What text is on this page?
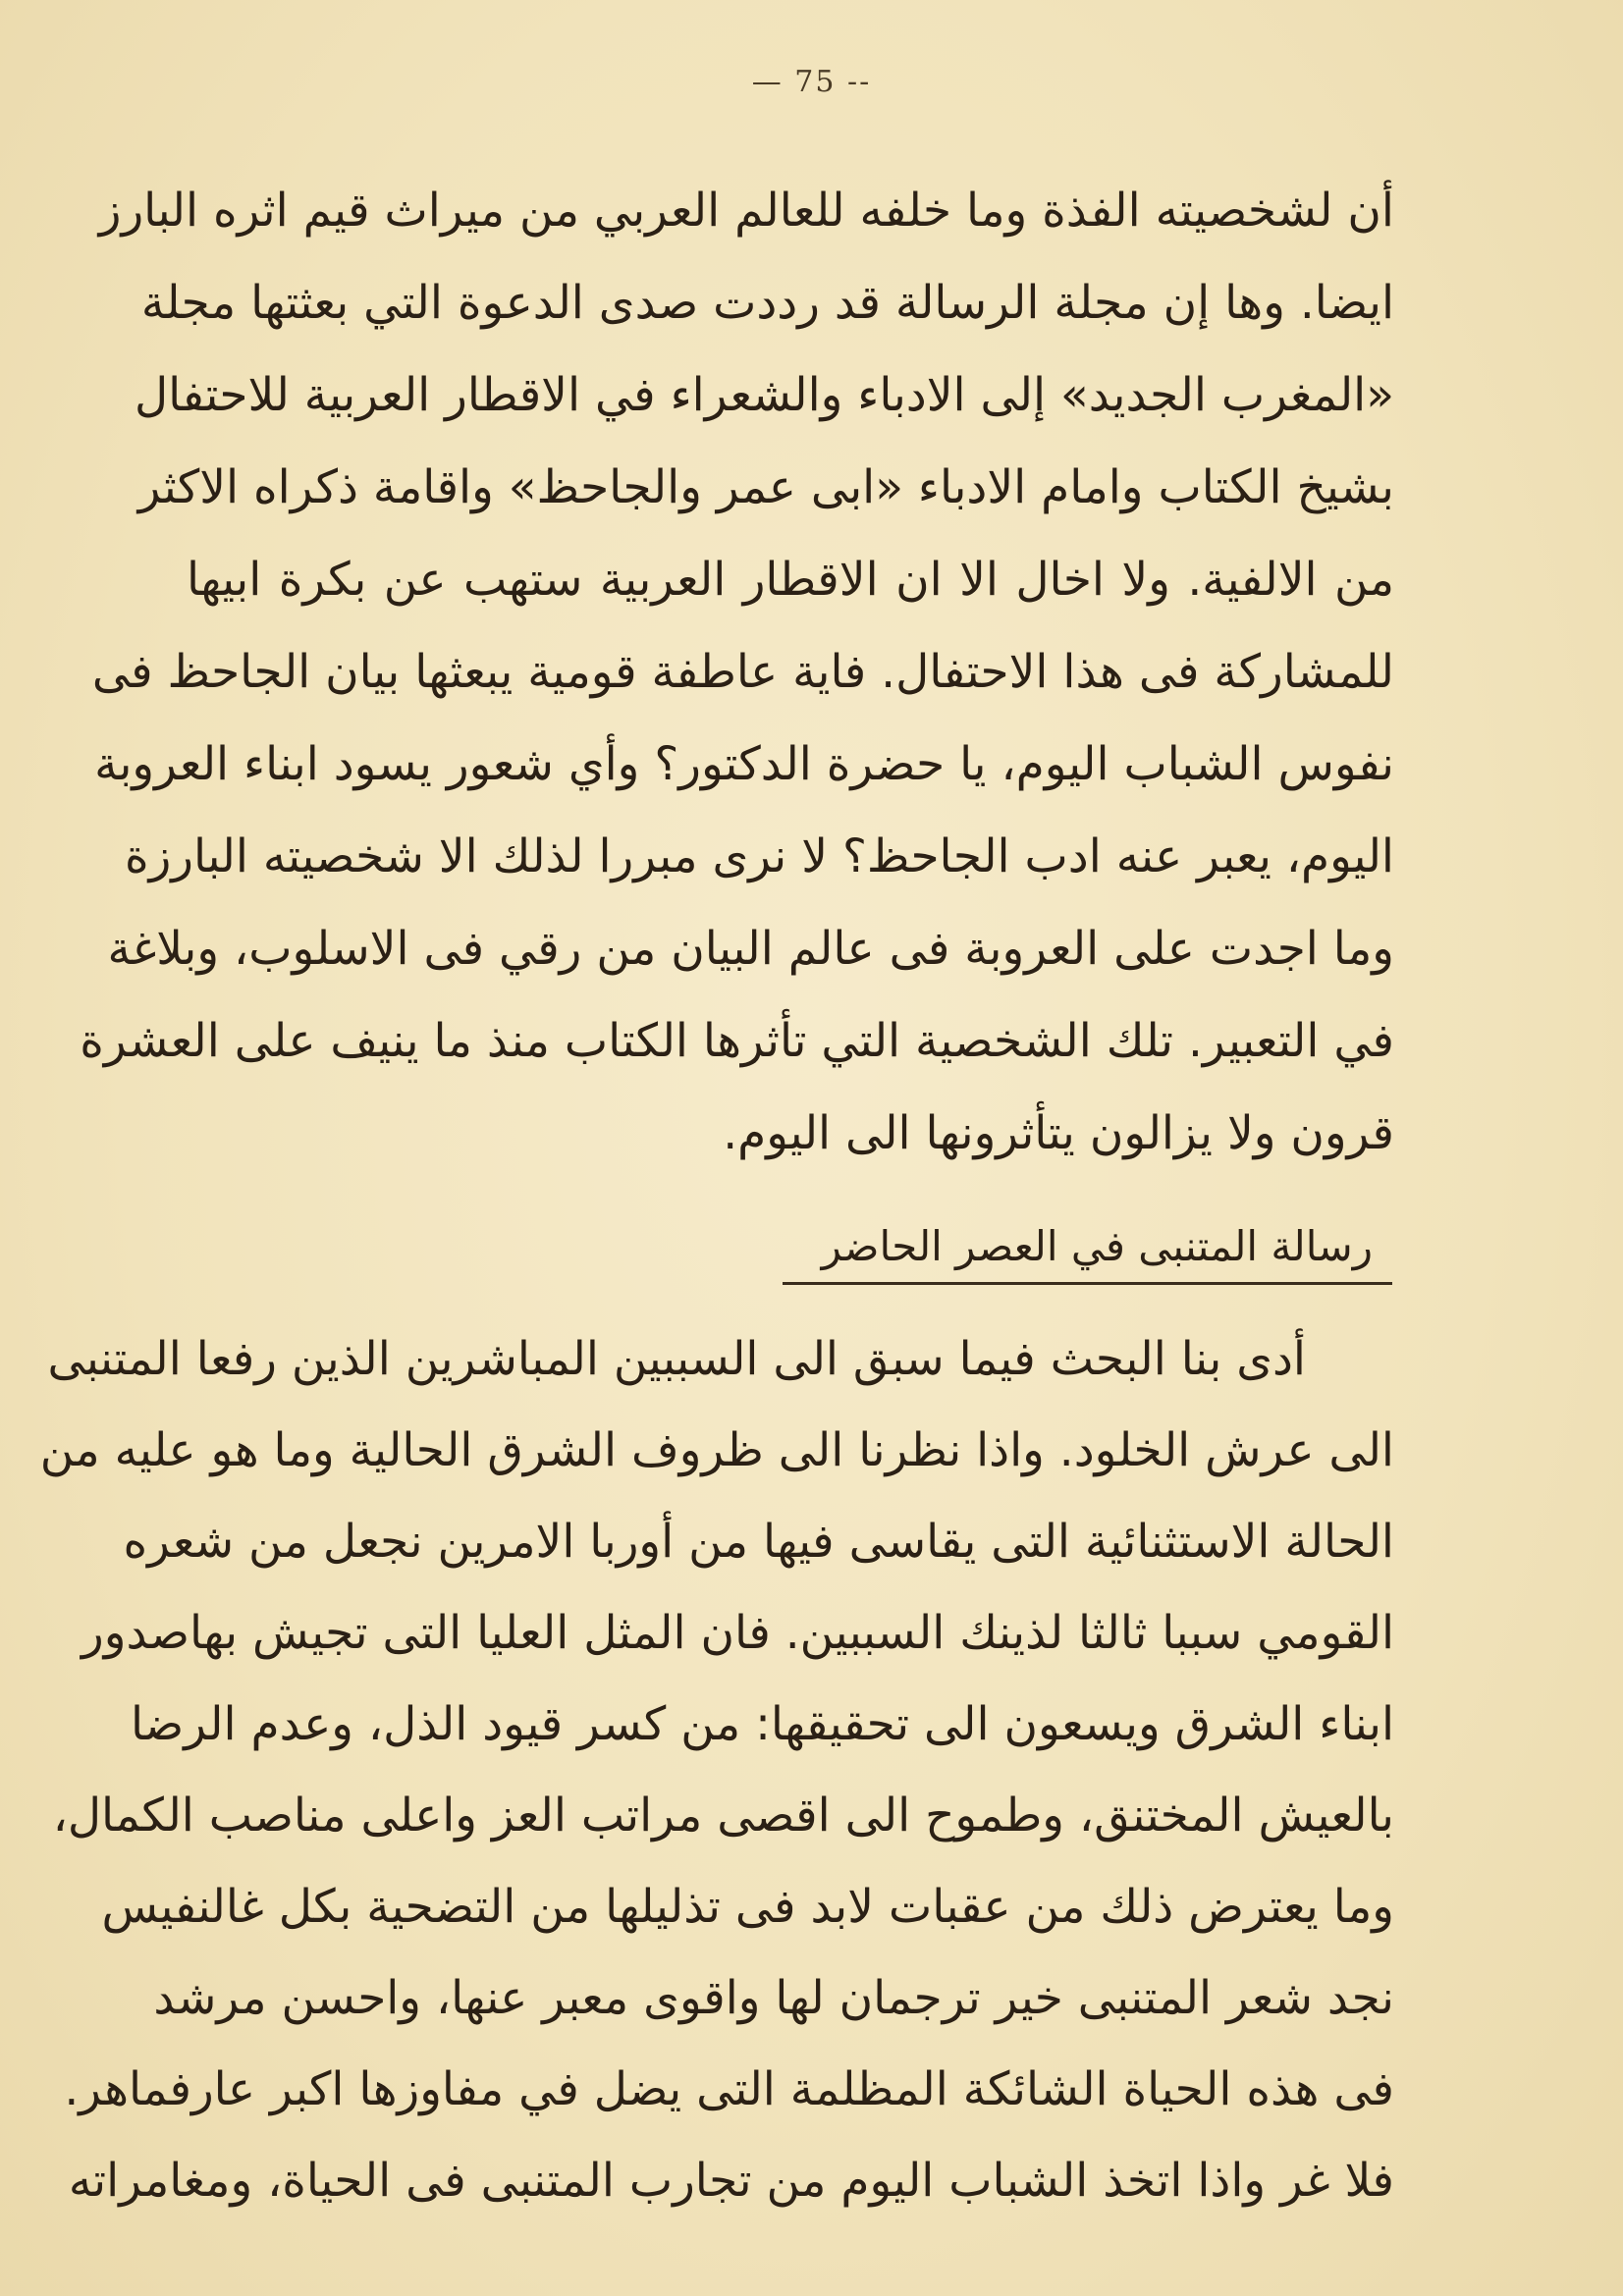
— 75 --
أن لشخصيته الفذة وما خلفه للعالم العربي من ميراث قيم اثره البارز
ايضا. وها إن مجلة الرسالة قد رددت صدى الدعوة التي بعثتها مجلة
«المغرب الجديد» إلى الادباء والشعراء في الاقطار العربية للاحتفال
بشيخ الكتاب وامام الادباء «ابى عمر والجاحظ» واقامة ذكراه الاكثر
من الالفية. ولا اخال الا ان الاقطار العربية ستهب عن بكرة ابيها
للمشاركة فى هذا الاحتفال. فاية عاطفة قومية يبعثها بيان الجاحظ فى
نفوس الشباب اليوم، يا حضرة الدكتور؟ وأي شعور يسود ابناء العروبة
اليوم، يعبر عنه ادب الجاحظ؟ لا نرى مبررا لذلك الا شخصيته البارزة
وما اجدت على العروبة فى عالم البيان من رقي فى الاسلوب، وبلاغة
في التعبير. تلك الشخصية التي تأثرها الكتاب منذ ما ينيف على العشرة
قرون ولا يزالون يتأثرونها الى اليوم.
رسالة المتنبى في العصر الحاضر
أدى بنا البحث فيما سبق الى السببين المباشرين الذين رفعا المتنبى
الى عرش الخلود. واذا نظرنا الى ظروف الشرق الحالية وما هو عليه من
الحالة الاستثنائية التى يقاسى فيها من أوربا الامرين نجعل من شعره
القومي سببا ثالثا لذينك السببين. فان المثل العليا التى تجيش بهاصدور
ابناء الشرق ويسعون الى تحقيقها: من كسر قيود الذل، وعدم الرضا
بالعيش المختنق، وطموح الى اقصى مراتب العز واعلى مناصب الكمال،
وما يعترض ذلك من عقبات لابد فى تذليلها من التضحية بكل غالنفيس
نجد شعر المتنبى خير ترجمان لها واقوى معبر عنها، واحسن مرشد
فى هذه الحياة الشائكة المظلمة التى يضل في مفاوزها اكبر عارفماهر.
فلا غر واذا اتخذ الشباب اليوم من تجارب المتنبى فى الحياة، ومغامراته
